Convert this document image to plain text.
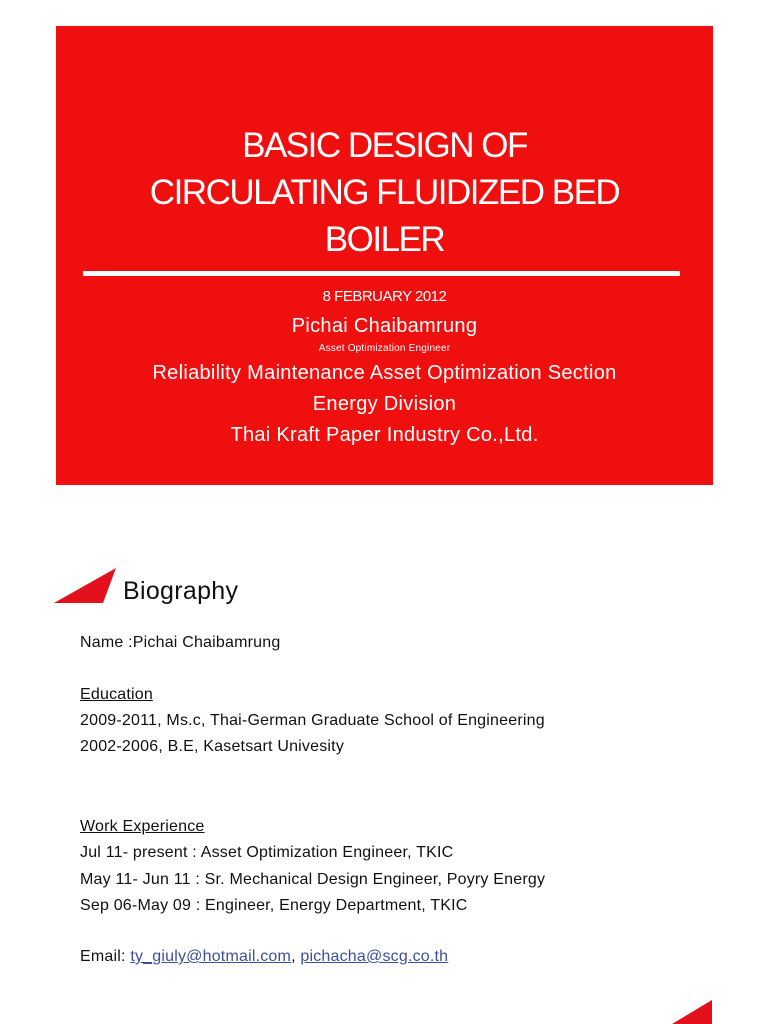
BASIC DESIGN OF
CIRCULATING FLUIDIZED BED
BOILER
8 FEBRUARY 2012
Pichai Chaibamrung
Asset Optimization Engineer
Reliability Maintenance Asset Optimization Section
Energy Division
Thai Kraft Paper Industry Co.,Ltd.
Biography
Name :Pichai Chaibamrung
Education
2009-2011, Ms.c, Thai-German Graduate School of Engineering
2002-2006, B.E, Kasetsart Univesity
Work Experience
Jul 11- present : Asset Optimization Engineer, TKIC
May 11- Jun 11 : Sr. Mechanical Design Engineer, Poyry Energy
Sep 06-May 09 : Engineer, Energy Department, TKIC
Email: ty_giuly@hotmail.com, pichacha@scg.co.th
